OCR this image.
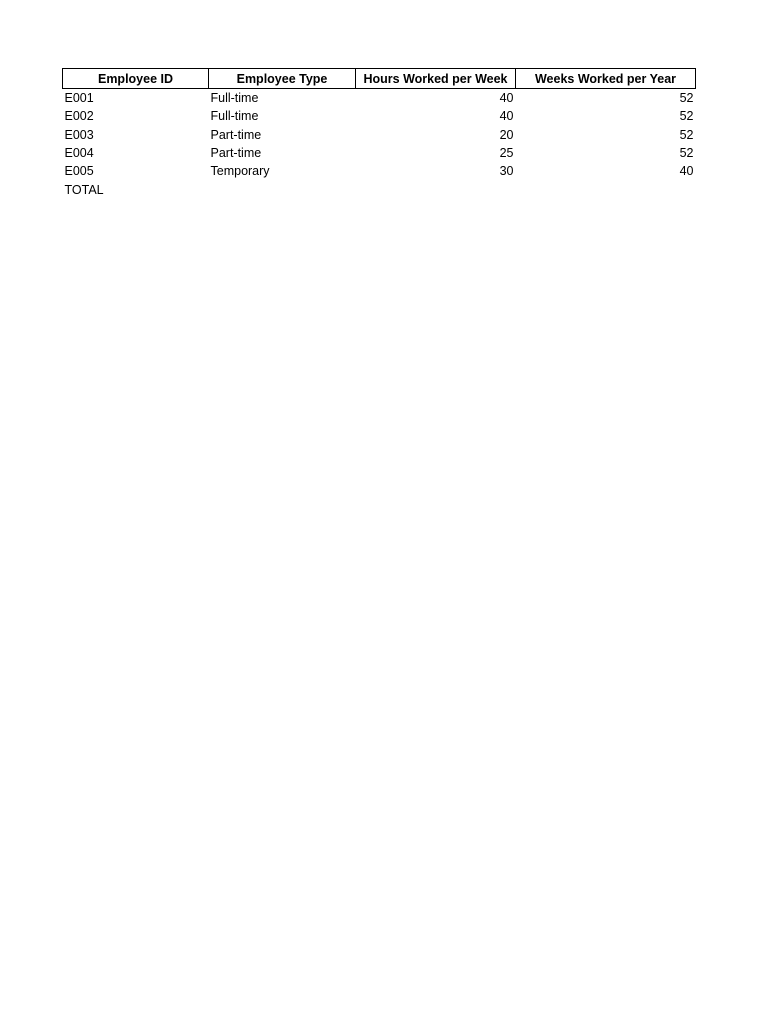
Employee ID	Employee Type	Hours Worked per Week	Weeks Worked per Year
E001	Full-time	40	52
E002	Full-time	40	52
E003	Part-time	20	52
E004	Part-time	25	52
E005	Temporary	30	40
TOTAL			
